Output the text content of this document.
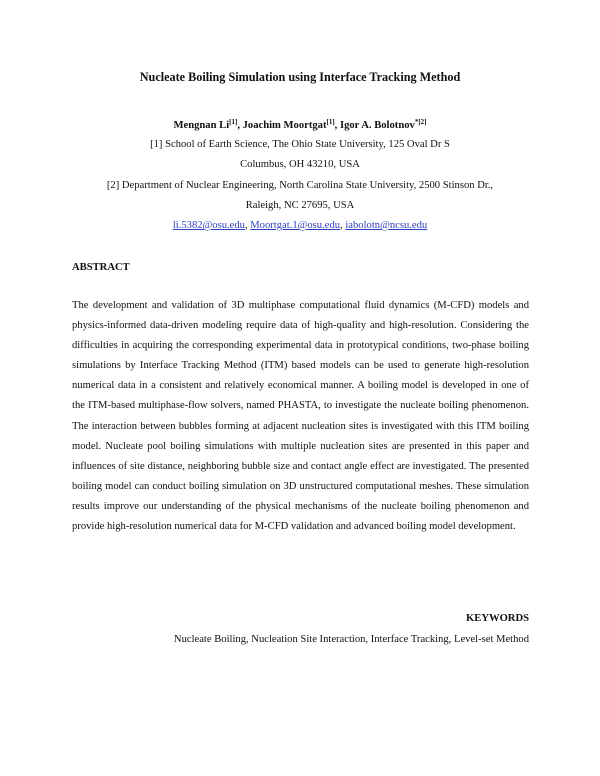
Nucleate Boiling Simulation using Interface Tracking Method
Mengnan Li[1], Joachim Moortgat[1], Igor A. Bolotnov$^{*[2]}$
[1] School of Earth Science, The Ohio State University, 125 Oval Dr S
Columbus, OH 43210, USA
[2] Department of Nuclear Engineering, North Carolina State University, 2500 Stinson Dr.,
Raleigh, NC 27695, USA
li.5382@osu.edu, Moortgat.1@osu.edu, iabolotn@ncsu.edu
ABSTRACT
The development and validation of 3D multiphase computational fluid dynamics (M-CFD) models and physics-informed data-driven modeling require data of high-quality and high-resolution. Considering the difficulties in acquiring the corresponding experimental data in prototypical conditions, two-phase boiling simulations by Interface Tracking Method (ITM) based models can be used to generate high-resolution numerical data in a consistent and relatively economical manner. A boiling model is developed in one of the ITM-based multiphase-flow solvers, named PHASTA, to investigate the nucleate boiling phenomenon. The interaction between bubbles forming at adjacent nucleation sites is investigated with this ITM boiling model. Nucleate pool boiling simulations with multiple nucleation sites are presented in this paper and influences of site distance, neighboring bubble size and contact angle effect are investigated. The presented boiling model can conduct boiling simulation on 3D unstructured computational meshes. These simulation results improve our understanding of the physical mechanisms of the nucleate boiling phenomenon and provide high-resolution numerical data for M-CFD validation and advanced boiling model development.
KEYWORDS
Nucleate Boiling, Nucleation Site Interaction, Interface Tracking, Level-set Method
